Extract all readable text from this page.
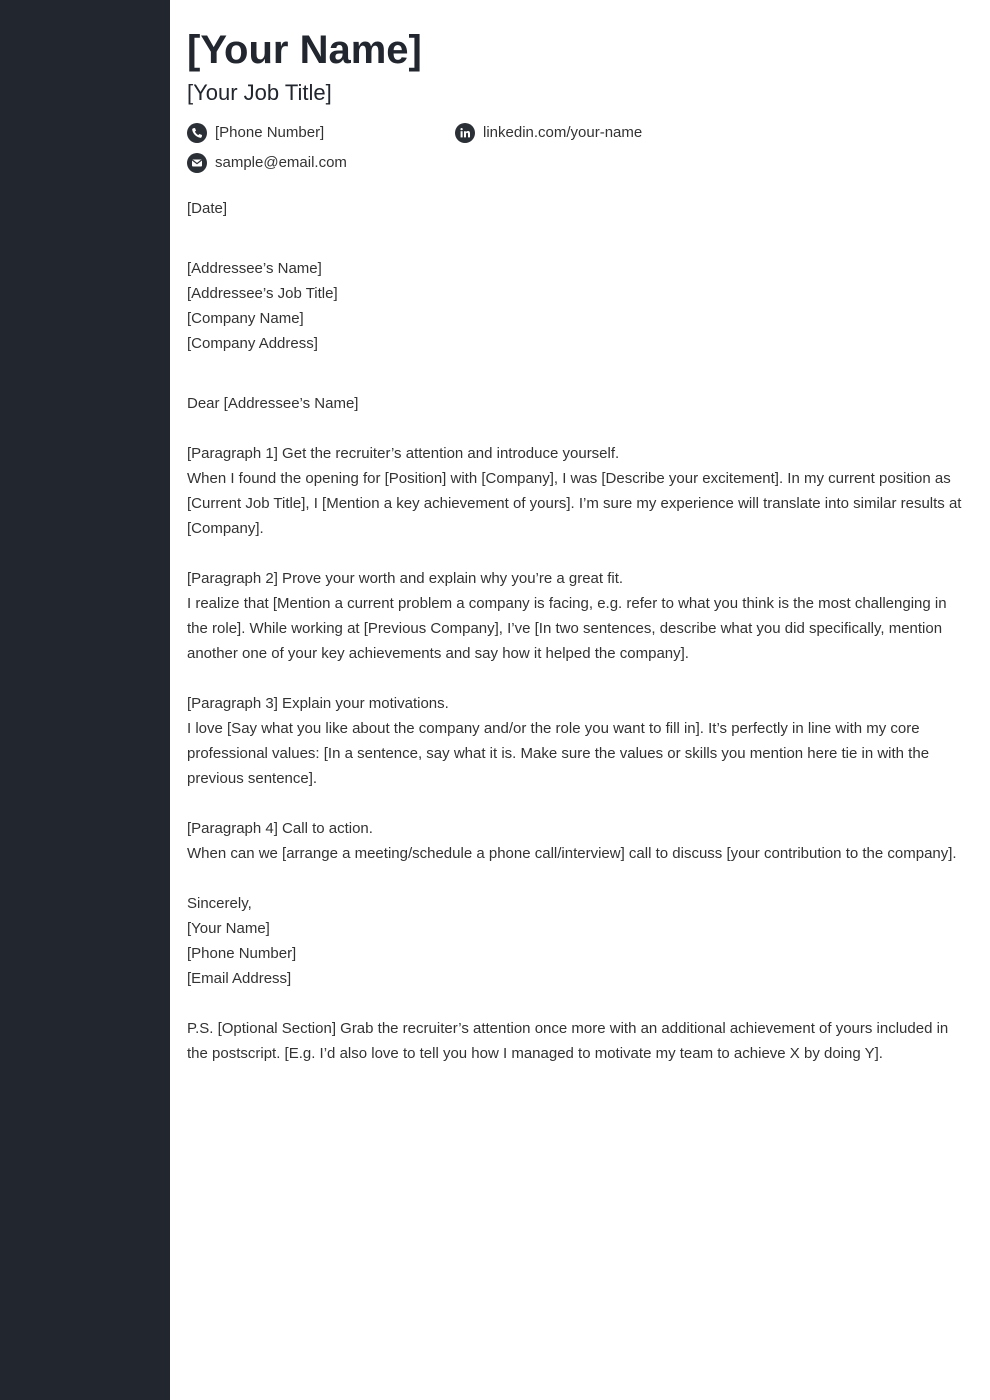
[Your Name]
[Your Job Title]
[Phone Number]	linkedin.com/your-name
sample@email.com
[Date]
[Addressee’s Name]
[Addressee’s Job Title]
[Company Name]
[Company Address]
Dear [Addressee’s Name]
[Paragraph 1] Get the recruiter’s attention and introduce yourself.
When I found the opening for [Position] with [Company], I was [Describe your excitement]. In my current position as [Current Job Title], I [Mention a key achievement of yours]. I’m sure my experience will translate into similar results at [Company].
[Paragraph 2] Prove your worth and explain why you’re a great fit.
I realize that [Mention a current problem a company is facing, e.g. refer to what you think is the most challenging in the role]. While working at [Previous Company], I’ve [In two sentences, describe what you did specifically, mention another one of your key achievements and say how it helped the company].
[Paragraph 3] Explain your motivations.
I love [Say what you like about the company and/or the role you want to fill in]. It’s perfectly in line with my core professional values: [In a sentence, say what it is. Make sure the values or skills you mention here tie in with the previous sentence].
[Paragraph 4] Call to action.
When can we [arrange a meeting/schedule a phone call/interview] call to discuss [your contribution to the company].
Sincerely,
[Your Name]
[Phone Number]
[Email Address]
P.S. [Optional Section] Grab the recruiter’s attention once more with an additional achievement of yours included in the postscript. [E.g. I’d also love to tell you how I managed to motivate my team to achieve X by doing Y].
